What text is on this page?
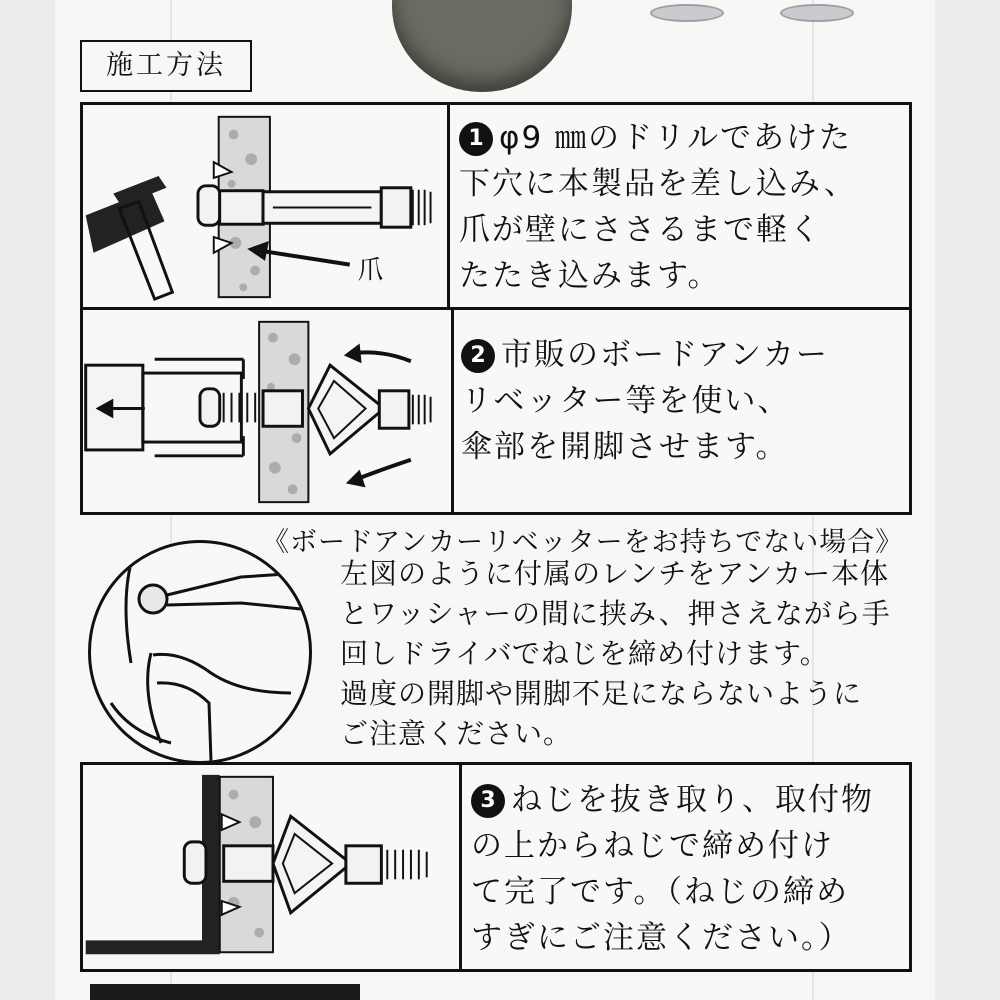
施工方法
爪
1 φ9 ㎜のドリルであけた
下穴に本製品を差し込み、
爪が壁にささるまで軽く
たたき込みます。
2 市販のボードアンカー
リベッター等を使い、
傘部を開脚させます。
《ボードアンカーリベッターをお持ちでない場合》
左図のように付属のレンチをアンカー本体
とワッシャーの間に挟み、押さえながら手
回しドライバでねじを締め付けます。
過度の開脚や開脚不足にならないように
ご注意ください。
3 ねじを抜き取り、取付物
の上からねじで締め付け
て完了です。（ねじの締め
すぎにご注意ください。）
